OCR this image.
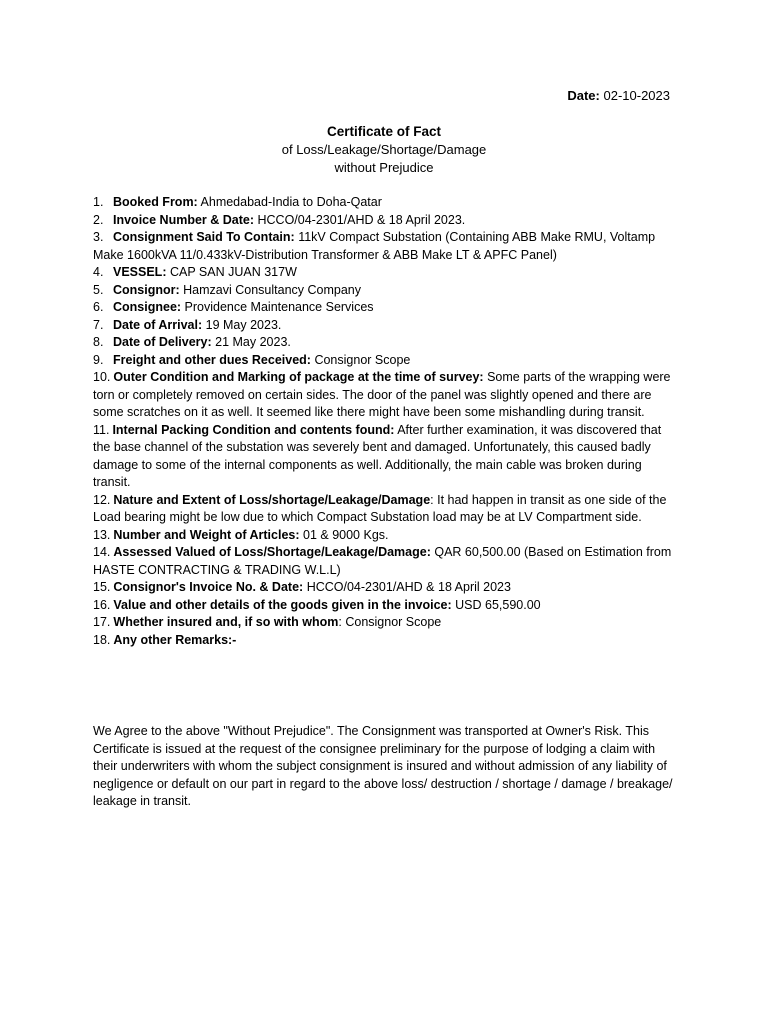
Date: 02-10-2023
Certificate of Fact
of Loss/Leakage/Shortage/Damage
without Prejudice
1. Booked From: Ahmedabad-India to Doha-Qatar
2. Invoice Number & Date: HCCO/04-2301/AHD & 18 April 2023.
3. Consignment Said To Contain: 11kV Compact Substation (Containing ABB Make RMU, Voltamp Make 1600kVA 11/0.433kV-Distribution Transformer & ABB Make LT & APFC Panel)
4. VESSEL: CAP SAN JUAN 317W
5. Consignor: Hamzavi Consultancy Company
6. Consignee: Providence Maintenance Services
7. Date of Arrival: 19 May 2023.
8. Date of Delivery: 21 May 2023.
9. Freight and other dues Received: Consignor Scope
10. Outer Condition and Marking of package at the time of survey: Some parts of the wrapping were torn or completely removed on certain sides. The door of the panel was slightly opened and there are some scratches on it as well. It seemed like there might have been some mishandling during transit.
11. Internal Packing Condition and contents found: After further examination, it was discovered that the base channel of the substation was severely bent and damaged. Unfortunately, this caused badly damage to some of the internal components as well. Additionally, the main cable was broken during transit.
12. Nature and Extent of Loss/shortage/Leakage/Damage: It had happen in transit as one side of the Load bearing might be low due to which Compact Substation load may be at LV Compartment side.
13. Number and Weight of Articles: 01 & 9000 Kgs.
14. Assessed Valued of Loss/Shortage/Leakage/Damage: QAR 60,500.00 (Based on Estimation from HASTE CONTRACTING & TRADING W.L.L)
15. Consignor's Invoice No. & Date: HCCO/04-2301/AHD & 18 April 2023
16. Value and other details of the goods given in the invoice: USD 65,590.00
17. Whether insured and, if so with whom: Consignor Scope
18. Any other Remarks:-

We Agree to the above "Without Prejudice". The Consignment was transported at Owner's Risk. This Certificate is issued at the request of the consignee preliminary for the purpose of lodging a claim with their underwriters with whom the subject consignment is insured and without admission of any liability of negligence or default on our part in regard to the above loss/ destruction / shortage / damage / breakage/ leakage in transit.
